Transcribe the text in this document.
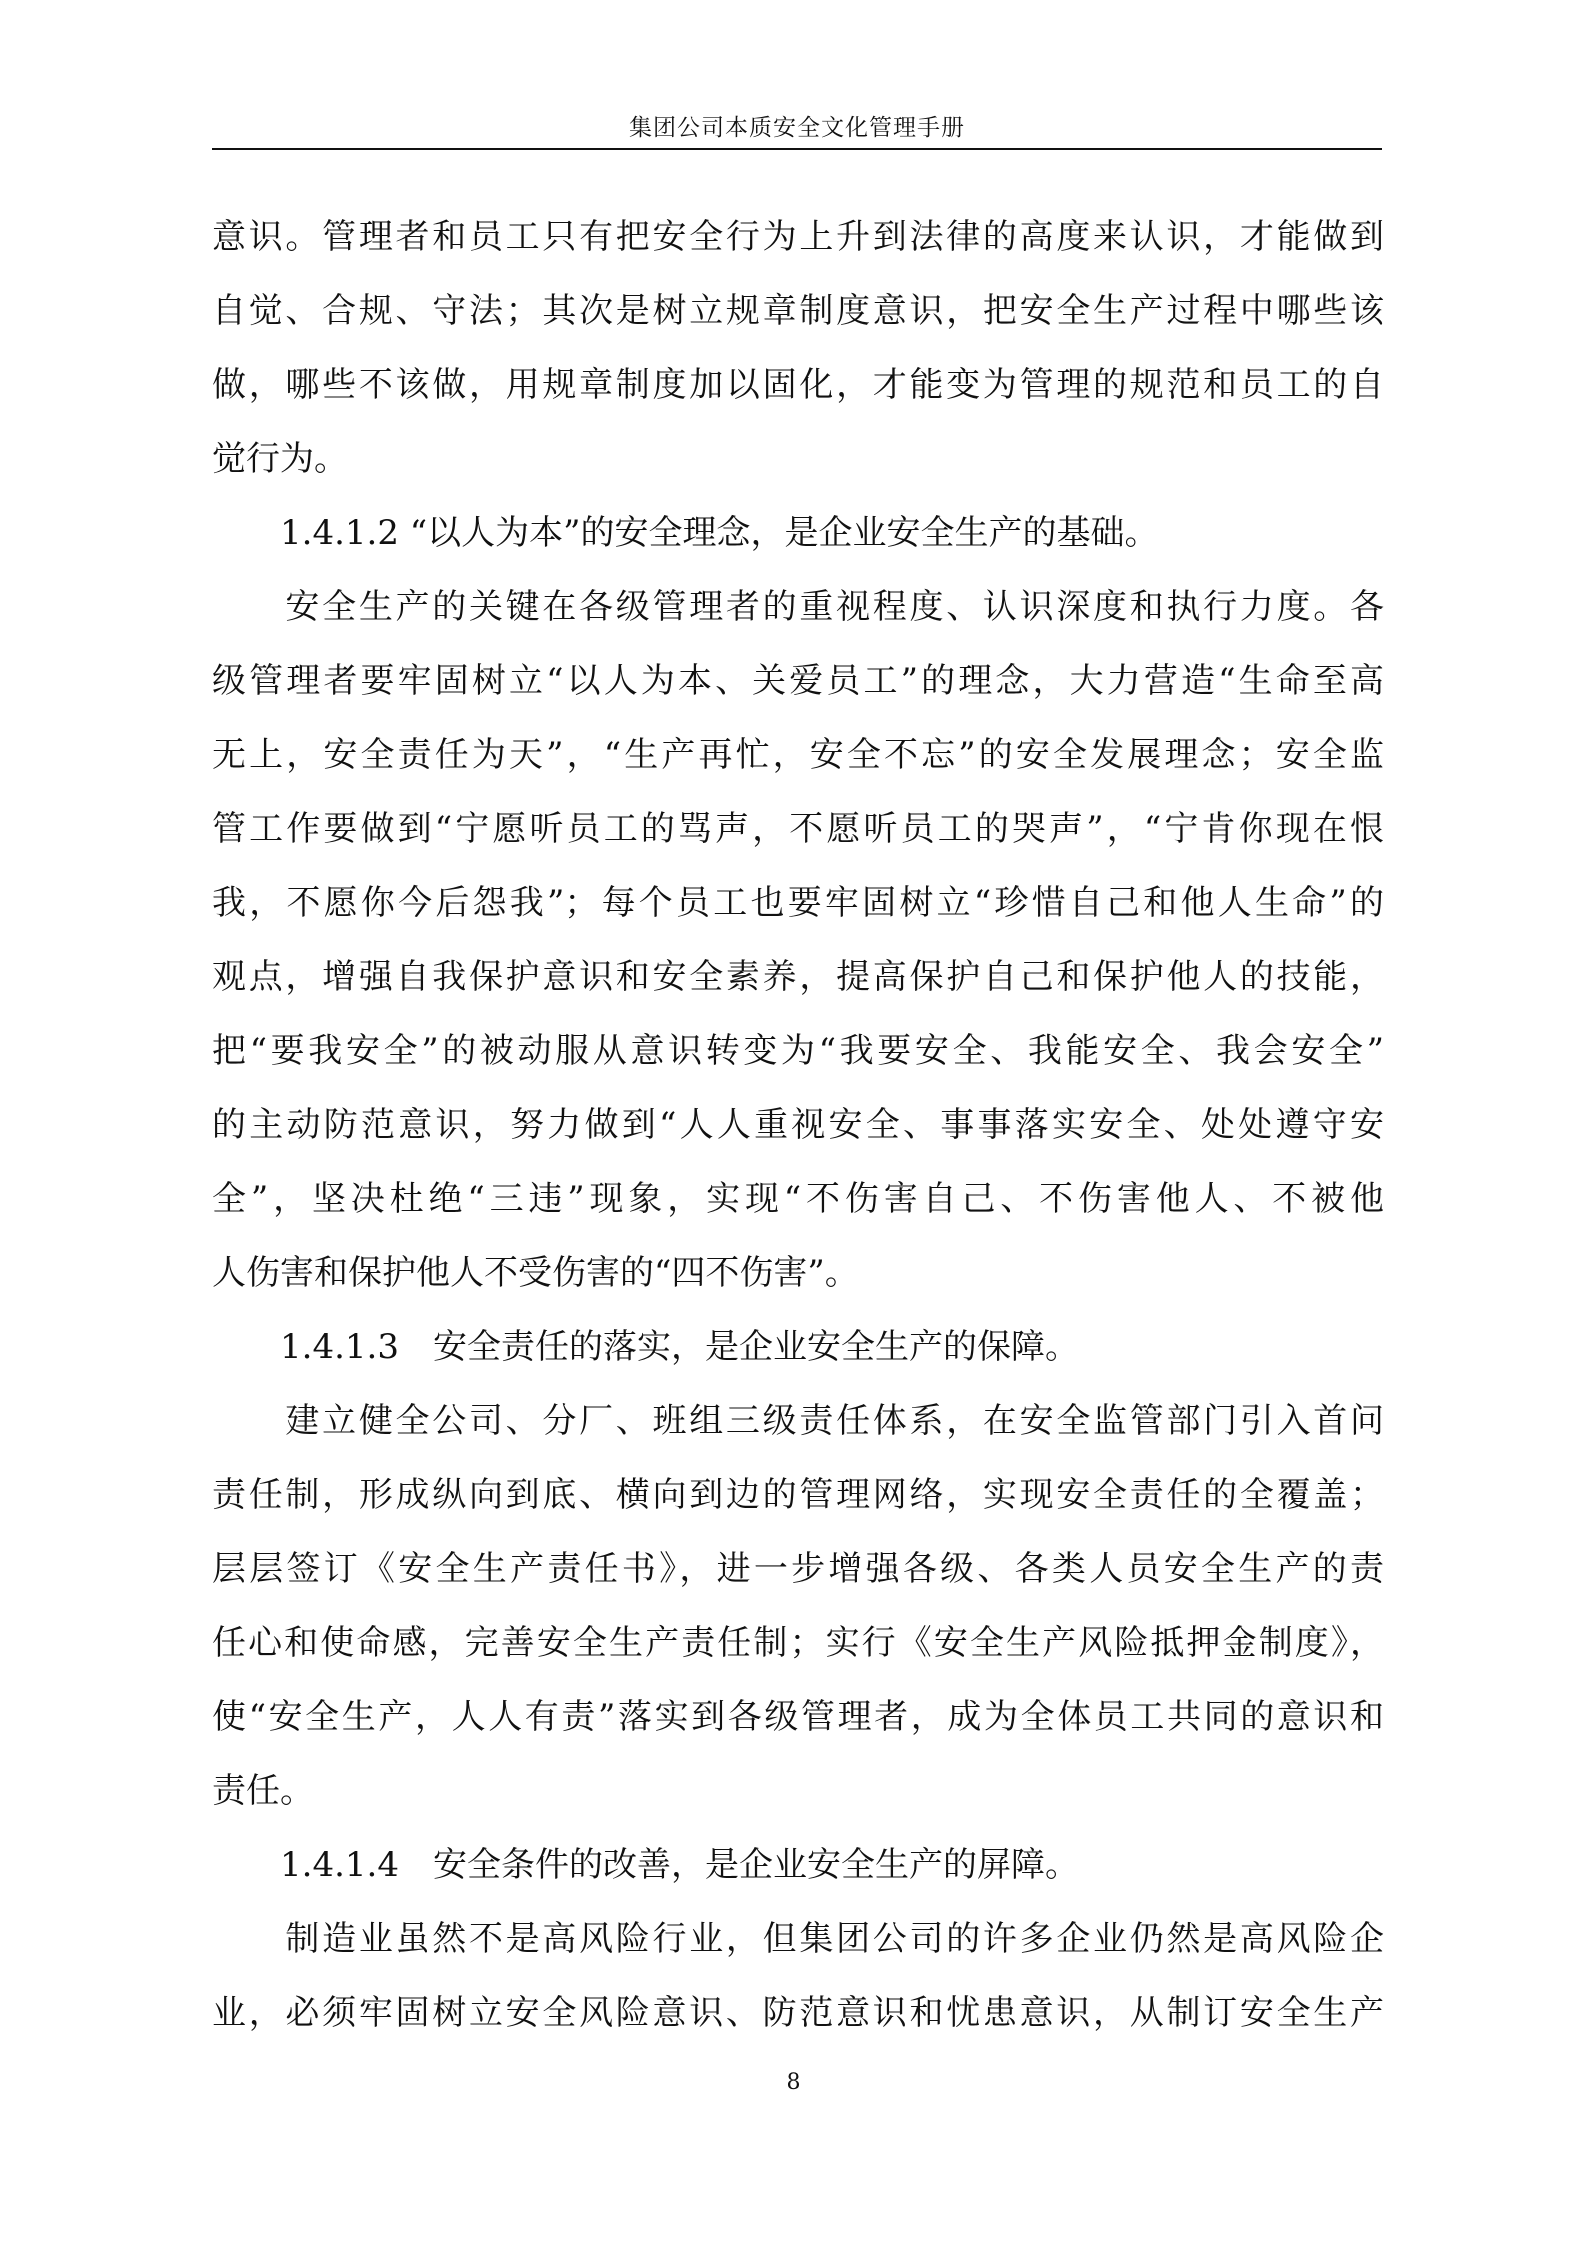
集团公司本质安全文化管理手册
意识。管理者和员工只有把安全行为上升到法律的高度来认识，才能做到
自觉、合规、守法；其次是树立规章制度意识，把安全生产过程中哪些该
做，哪些不该做，用规章制度加以固化，才能变为管理的规范和员工的自
觉行为。
　　1.4.1.2 “以人为本”的安全理念，是企业安全生产的基础。
　　安全生产的关键在各级管理者的重视程度、认识深度和执行力度。各
级管理者要牢固树立“以人为本、关爱员工”的理念，大力营造“生命至高
无上，安全责任为天”，“生产再忙，安全不忘”的安全发展理念；安全监
管工作要做到“宁愿听员工的骂声，不愿听员工的哭声”，“宁肯你现在恨
我，不愿你今后怨我”；每个员工也要牢固树立“珍惜自己和他人生命”的
观点，增强自我保护意识和安全素养，提高保护自己和保护他人的技能，
把“要我安全”的被动服从意识转变为“我要安全、我能安全、我会安全”
的主动防范意识，努力做到“人人重视安全、事事落实安全、处处遵守安
全”，坚决杜绝“三违”现象，实现“不伤害自己、不伤害他人、不被他
人伤害和保护他人不受伤害的“四不伤害”。
　　1.4.1.3　安全责任的落实，是企业安全生产的保障。
　　建立健全公司、分厂、班组三级责任体系，在安全监管部门引入首问
责任制，形成纵向到底、横向到边的管理网络，实现安全责任的全覆盖；
层层签订《安全生产责任书》，进一步增强各级、各类人员安全生产的责
任心和使命感，完善安全生产责任制；实行《安全生产风险抵押金制度》，
使“安全生产，人人有责”落实到各级管理者，成为全体员工共同的意识和
责任。
　　1.4.1.4　安全条件的改善，是企业安全生产的屏障。
　　制造业虽然不是高风险行业，但集团公司的许多企业仍然是高风险企
业，必须牢固树立安全风险意识、防范意识和忧患意识，从制订安全生产
8
